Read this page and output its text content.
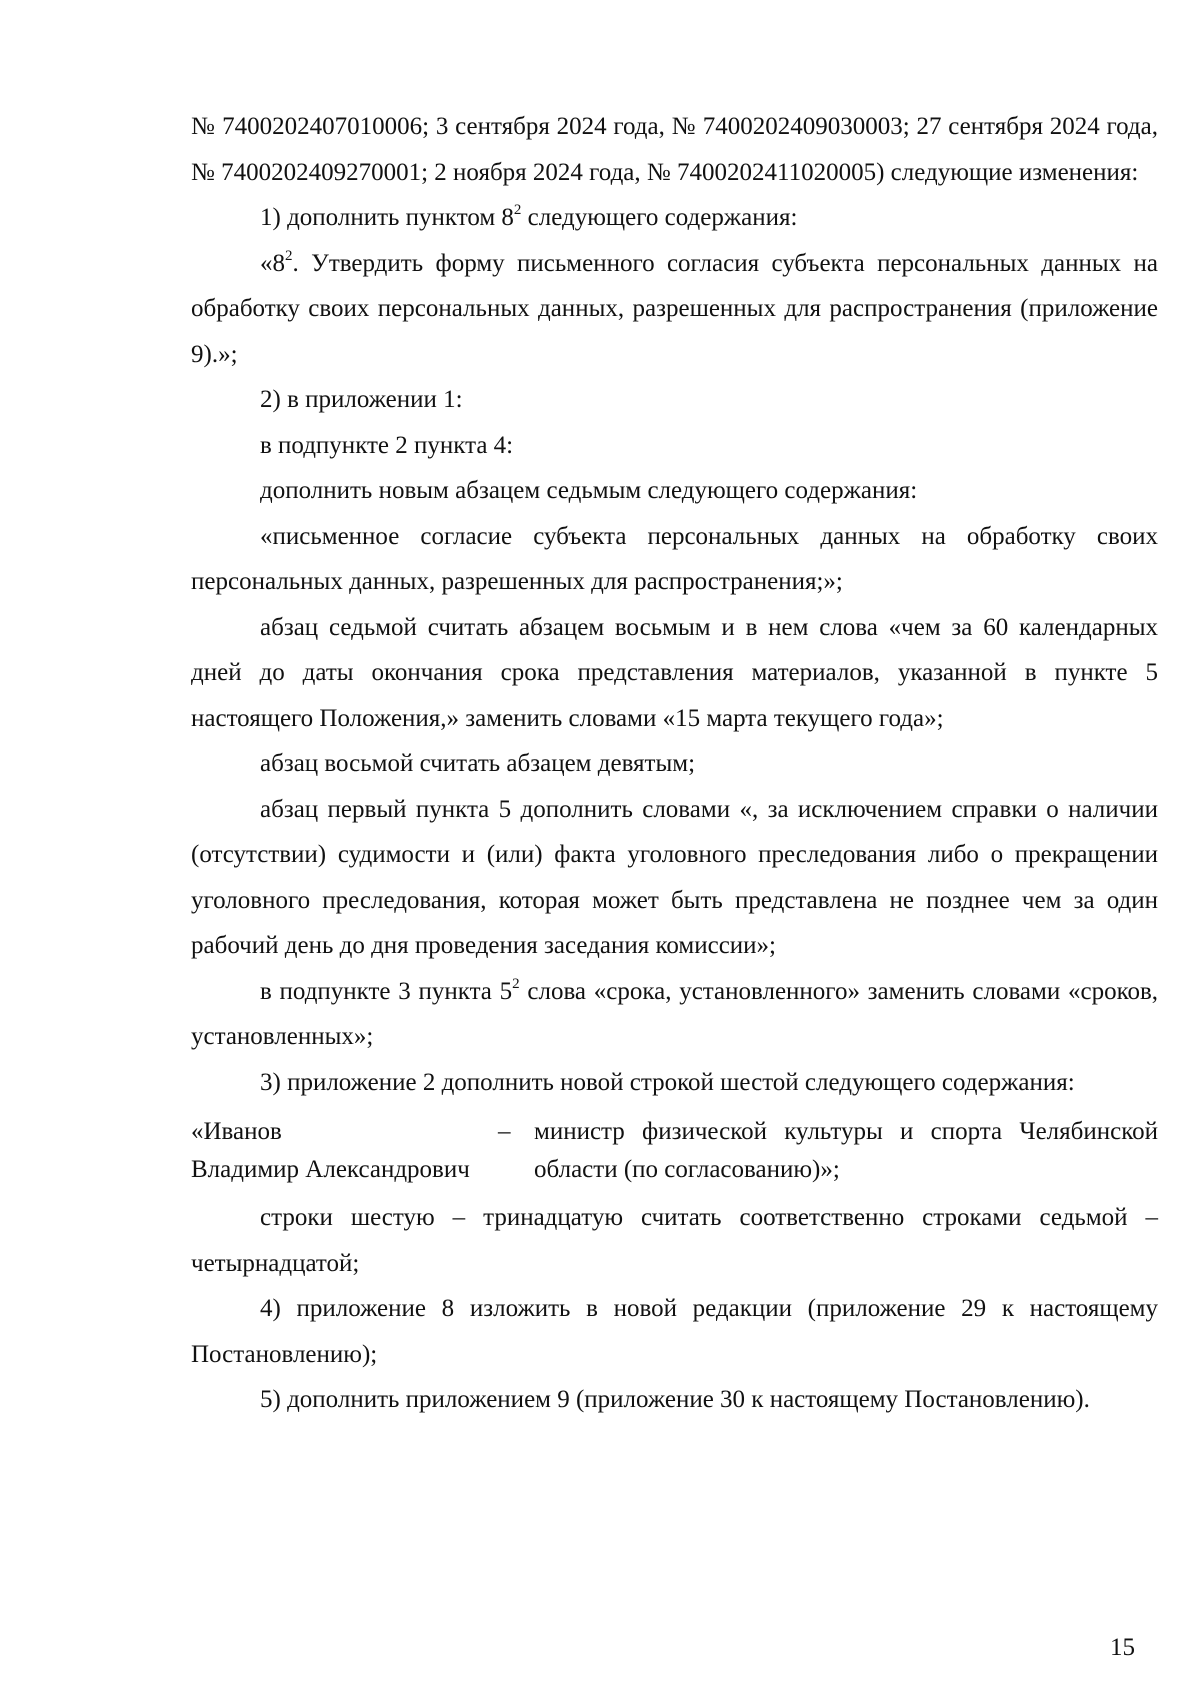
№ 7400202407010006; 3 сентября 2024 года, № 7400202409030003; 27 сентября 2024 года, № 7400202409270001; 2 ноября 2024 года, № 7400202411020005) следующие изменения:

1) дополнить пунктом $8^2$ следующего содержания:

«$8^2$. Утвердить форму письменного согласия субъекта персональных данных на обработку своих персональных данных, разрешенных для распространения (приложение 9).»;

2) в приложении 1:

в подпункте 2 пункта 4:

дополнить новым абзацем седьмым следующего содержания:

«письменное согласие субъекта персональных данных на обработку своих персональных данных, разрешенных для распространения;»;

абзац седьмой считать абзацем восьмым и в нем слова «чем за 60 календарных дней до даты окончания срока представления материалов, указанной в пункте 5 настоящего Положения,» заменить словами «15 марта текущего года»;

абзац восьмой считать абзацем девятым;

абзац первый пункта 5 дополнить словами «, за исключением справки о наличии (отсутствии) судимости и (или) факта уголовного преследования либо о прекращении уголовного преследования, которая может быть представлена не позднее чем за один рабочий день до дня проведения заседания комиссии»;

в подпункте 3 пункта $5^2$ слова «срока, установленного» заменить словами «сроков, установленных»;

3) приложение 2 дополнить новой строкой шестой следующего содержания:

«Иванов
Владимир Александрович
– министр физической культуры и спорта Челябинской области (по согласованию)»;

строки шестую – тринадцатую считать соответственно строками седьмой – четырнадцатой;

4) приложение 8 изложить в новой редакции (приложение 29 к настоящему Постановлению);

5) дополнить приложением 9 (приложение 30 к настоящему Постановлению).

15
